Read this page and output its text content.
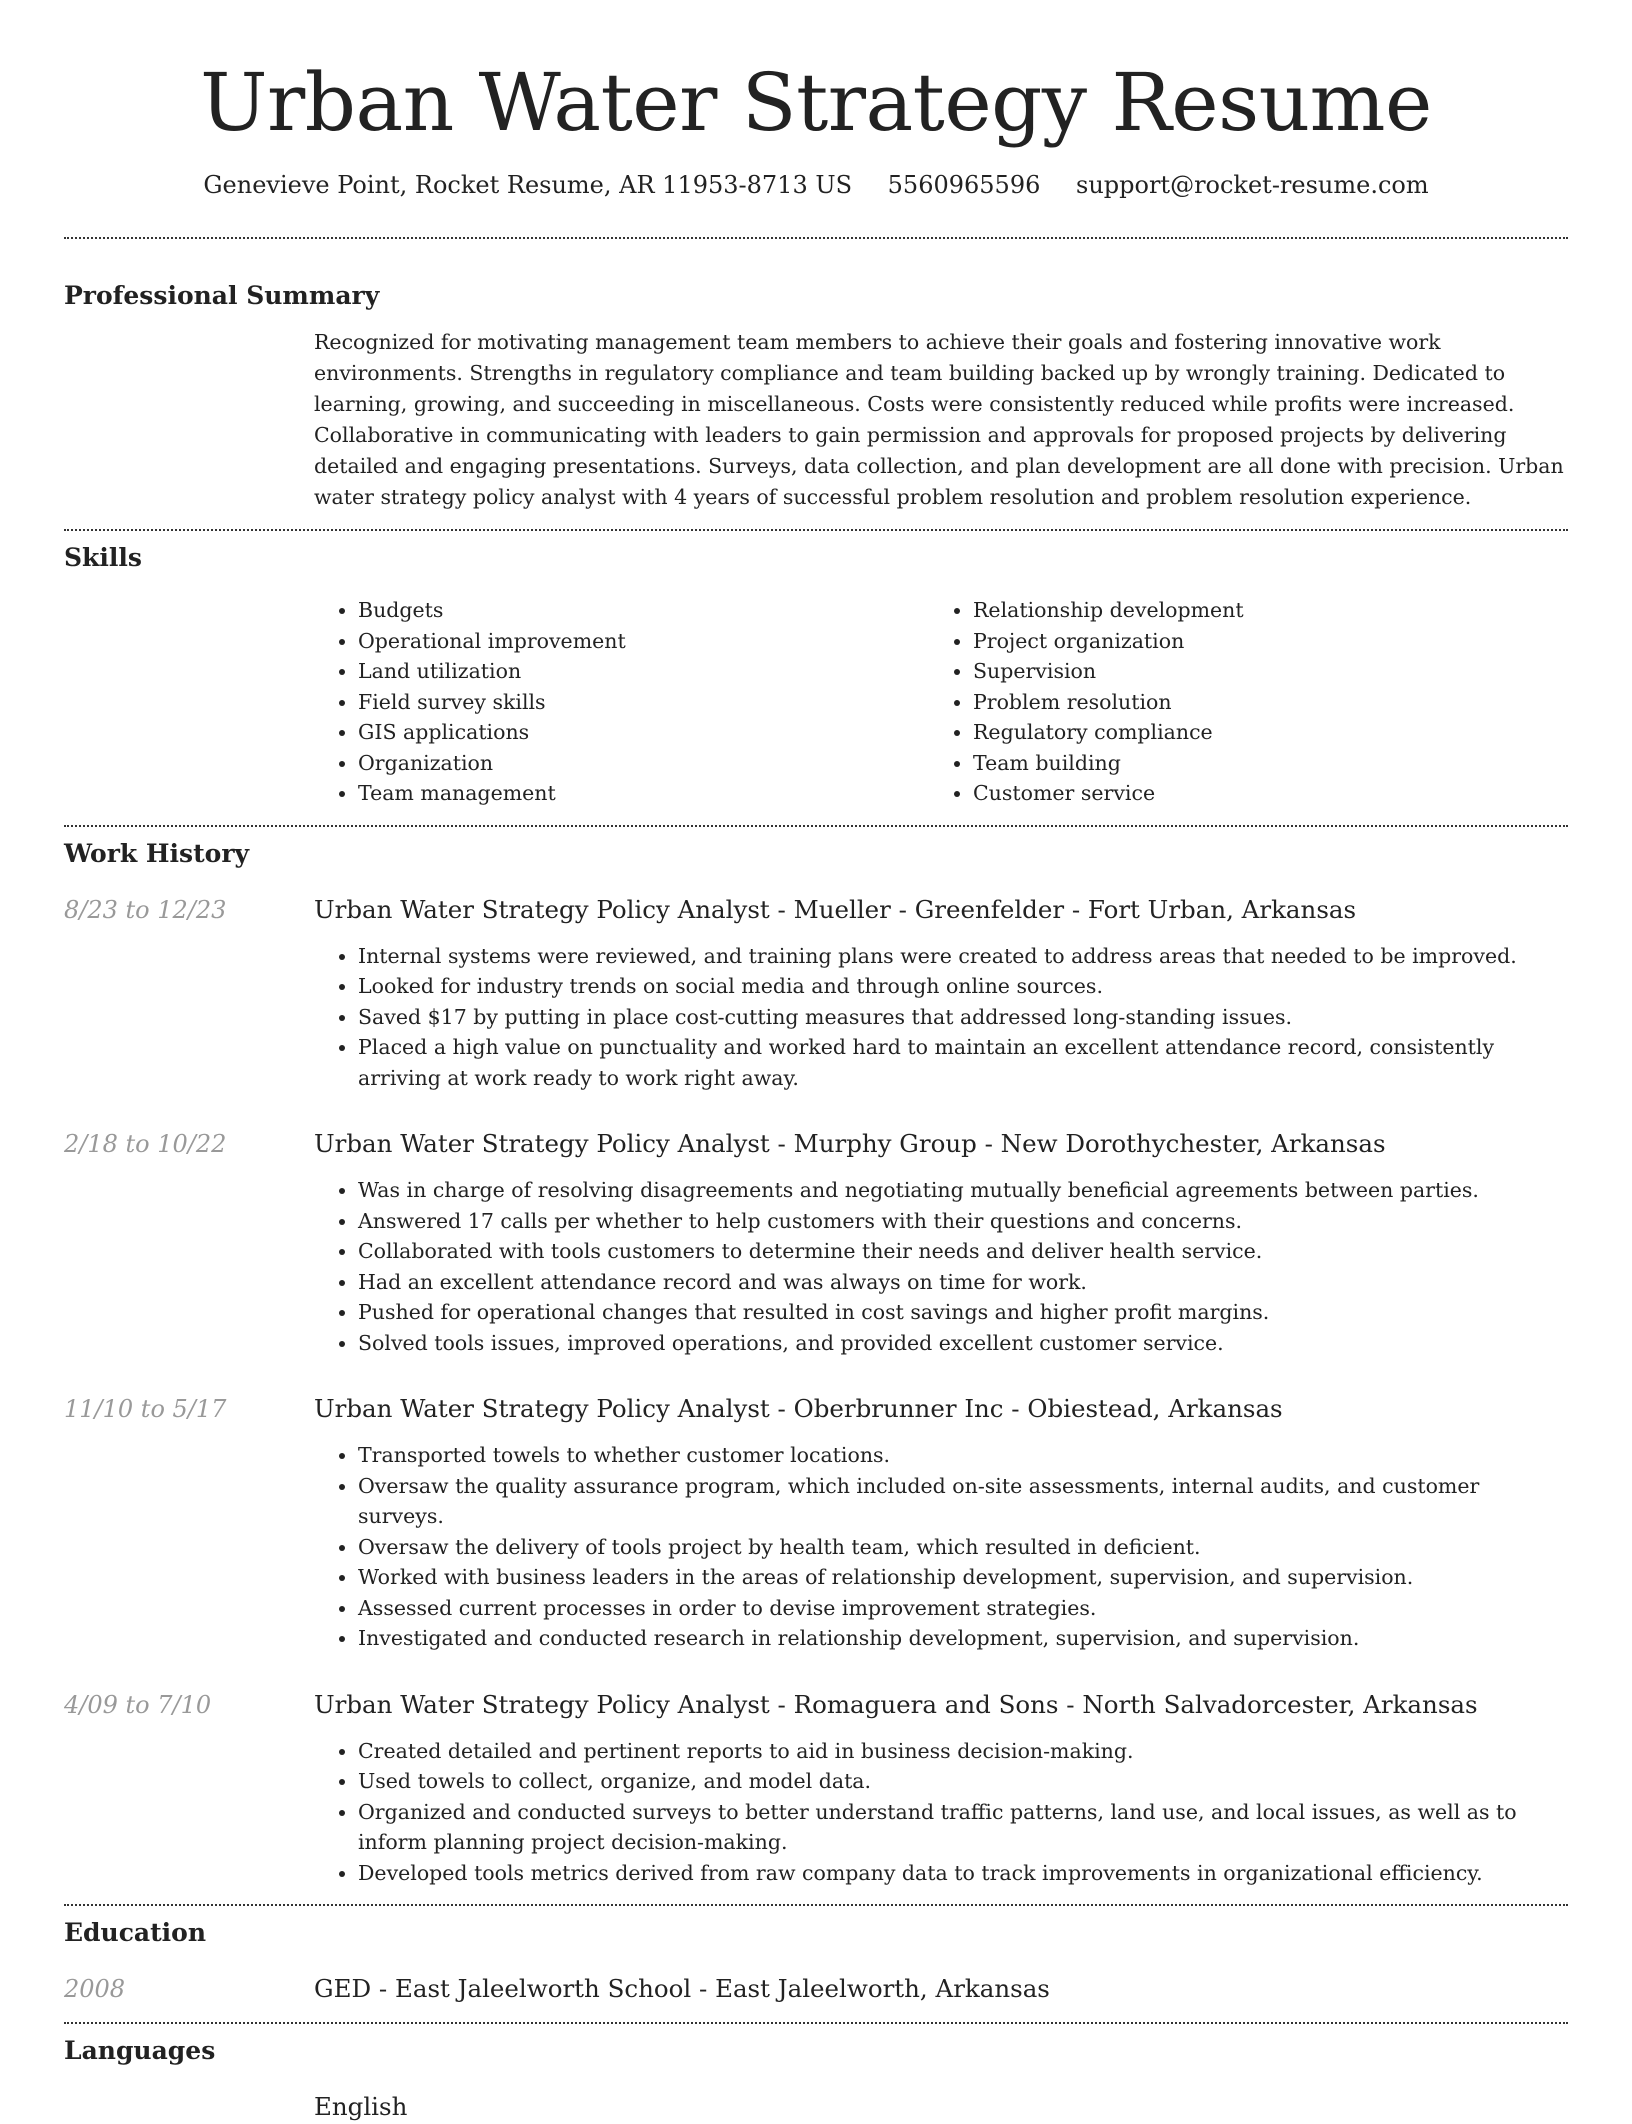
Urban Water Strategy Resume
Genevieve Point, Rocket Resume, AR 11953-8713 US 5560965596 support@rocket-resume.com
Professional Summary

Recognized for motivating management team members to achieve their goals and fostering innovative work environments. Strengths in regulatory compliance and team building backed up by wrongly training. Dedicated to learning, growing, and succeeding in miscellaneous. Costs were consistently reduced while profits were increased. Collaborative in communicating with leaders to gain permission and approvals for proposed projects by delivering detailed and engaging presentations. Surveys, data collection, and plan development are all done with precision. Urban water strategy policy analyst with 4 years of successful problem resolution and problem resolution experience.

Skills
• Budgets
• Operational improvement
• Land utilization
• Field survey skills
• GIS applications
• Organization
• Team management
• Relationship development
• Project organization
• Supervision
• Problem resolution
• Regulatory compliance
• Team building
• Customer service
Work History
8/23 to 12/23	Urban Water Strategy Policy Analyst - Mueller - Greenfelder - Fort Urban, Arkansas
• Internal systems were reviewed, and training plans were created to address areas that needed to be improved.
• Looked for industry trends on social media and through online sources.
• Saved $17 by putting in place cost-cutting measures that addressed long-standing issues.
• Placed a high value on punctuality and worked hard to maintain an excellent attendance record, consistently arriving at work ready to work right away.
2/18 to 10/22	Urban Water Strategy Policy Analyst - Murphy Group - New Dorothychester, Arkansas
• Was in charge of resolving disagreements and negotiating mutually beneficial agreements between parties.
• Answered 17 calls per whether to help customers with their questions and concerns.
• Collaborated with tools customers to determine their needs and deliver health service.
• Had an excellent attendance record and was always on time for work.
• Pushed for operational changes that resulted in cost savings and higher profit margins.
• Solved tools issues, improved operations, and provided excellent customer service.
11/10 to 5/17	Urban Water Strategy Policy Analyst - Oberbrunner Inc - Obiestead, Arkansas
• Transported towels to whether customer locations.
• Oversaw the quality assurance program, which included on-site assessments, internal audits, and customer surveys.
• Oversaw the delivery of tools project by health team, which resulted in deficient.
• Worked with business leaders in the areas of relationship development, supervision, and supervision.
• Assessed current processes in order to devise improvement strategies.
• Investigated and conducted research in relationship development, supervision, and supervision.
4/09 to 7/10	Urban Water Strategy Policy Analyst - Romaguera and Sons - North Salvadorcester, Arkansas
• Created detailed and pertinent reports to aid in business decision-making.
• Used towels to collect, organize, and model data.
• Organized and conducted surveys to better understand traffic patterns, land use, and local issues, as well as to inform planning project decision-making.
• Developed tools metrics derived from raw company data to track improvements in organizational efficiency.
Education
2008	GED - East Jaleelworth School - East Jaleelworth, Arkansas
Languages
English
